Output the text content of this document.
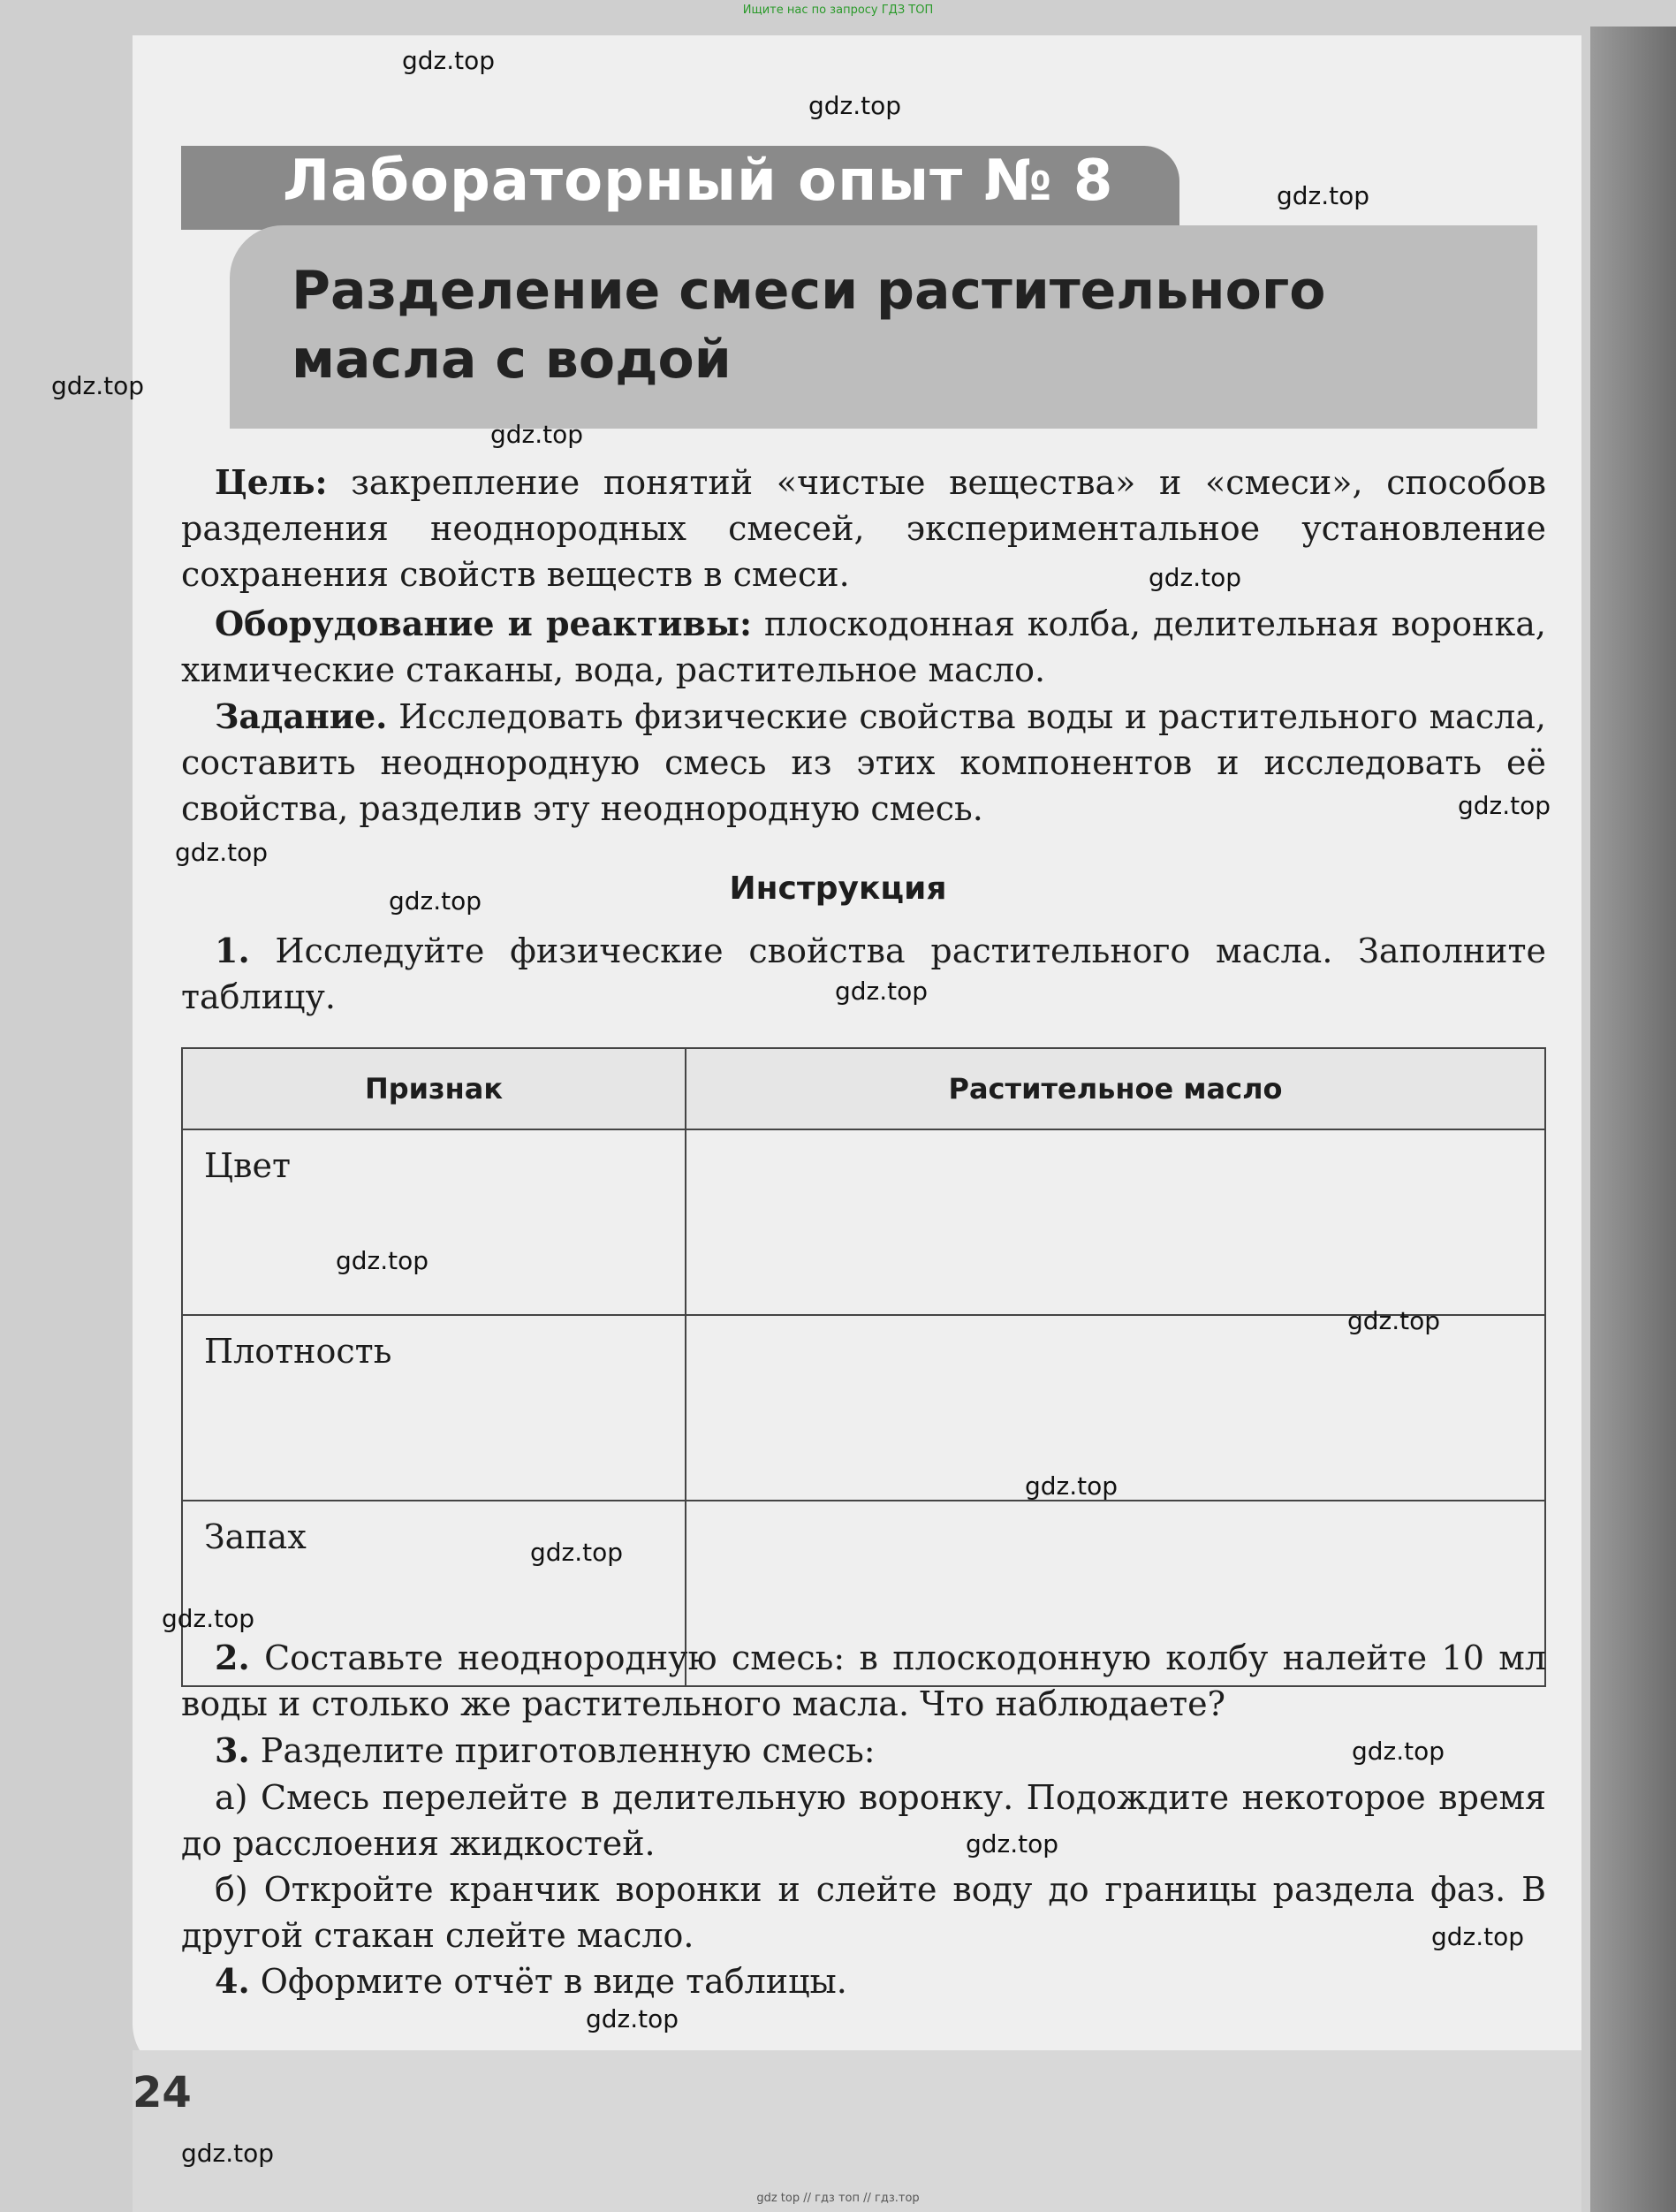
Ищите нас по запросу ГДЗ ТОП
Лабораторный опыт № 8
Разделение смеси растительного масла с водой
 Цель: закрепление понятий «чистые вещества» и «смеси», способов разделения неоднородных смесей, экспериментальное установление сохранения свойств веществ в смеси.
 Оборудование и реактивы: плоскодонная колба, делительная воронка, химические стаканы, вода, растительное масло.
 Задание. Исследовать физические свойства воды и растительного масла, составить неоднородную смесь из этих компонентов и исследовать её свойства, разделив эту неоднородную смесь.
Инструкция
 1. Исследуйте физические свойства растительного масла. Заполните таблицу.
Признак	Растительное масло
Цвет	
Плотность	
Запах	
 2. Составьте неоднородную смесь: в плоскодонную колбу налейте 10 мл воды и столько же растительного масла. Что наблюдаете?
 3. Разделите приготовленную смесь:
 а) Смесь перелейте в делительную воронку. Подождите некоторое время до расслоения жидкостей.
 б) Откройте кранчик воронки и слейте воду до границы раздела фаз. В другой стакан слейте масло.
 4. Оформите отчёт в виде таблицы.
24
gdz.top
gdz.top
gdz.top
gdz.top
gdz.top
gdz.top
gdz.top
gdz.top
gdz.top
gdz.top
gdz.top
gdz.top
gdz.top
gdz.top
gdz.top
gdz.top
gdz.top
gdz.top
gdz.top
gdz.top
gdz top // гдз топ // гдз.тор
